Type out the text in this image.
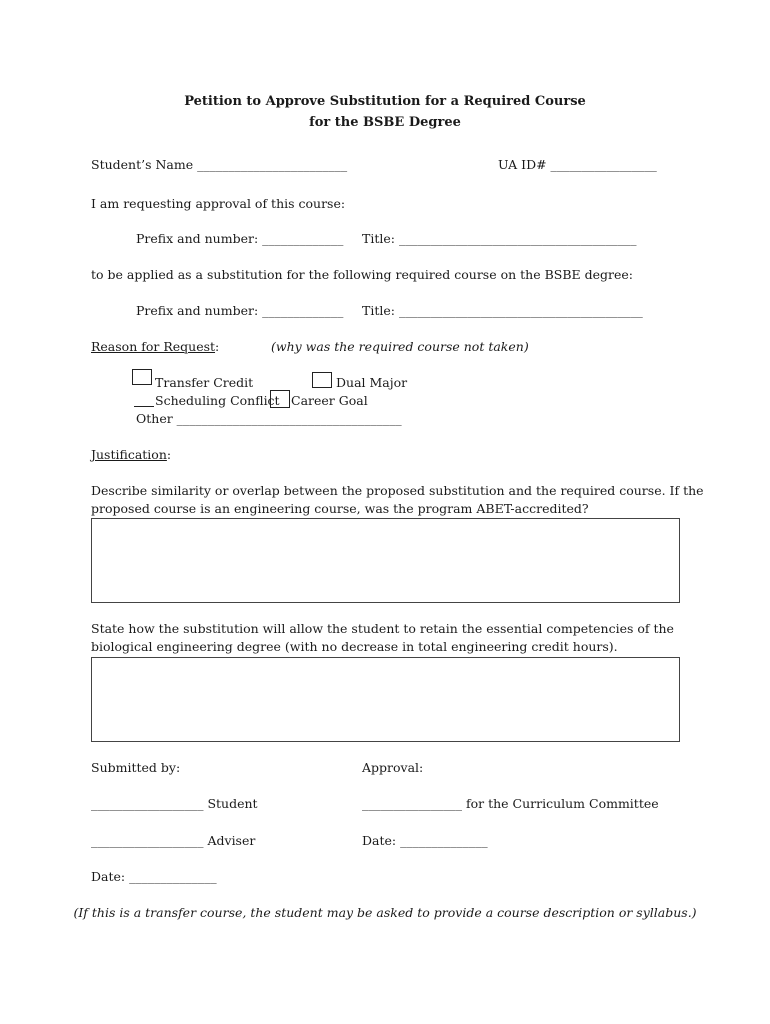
Petition to Approve Substitution for a Required Course
for the BSBE Degree
Student’s Name ________________________	UA ID# _________________
I am requesting approval of this course:
Prefix and number: _____________ Title: ______________________________________
to be applied as a substitution for the following required course on the BSBE degree:
Prefix and number: _____________ Title: _______________________________________
Reason for Request:	(why was the required course not taken)
Transfer Credit	Dual Major
Scheduling Conflict Career Goal
Other ____________________________________
Justification:
Describe similarity or overlap between the proposed substitution and the required course. If the
proposed course is an engineering course, was the program ABET-accredited?
State how the substitution will allow the student to retain the essential competencies of the
biological engineering degree (with no decrease in total engineering credit hours).
Submitted by:	Approval:
__________________ Student	________________ for the Curriculum Committee
__________________ Adviser	Date: ______________
Date: ______________
(If this is a transfer course, the student may be asked to provide a course description or syllabus.)
